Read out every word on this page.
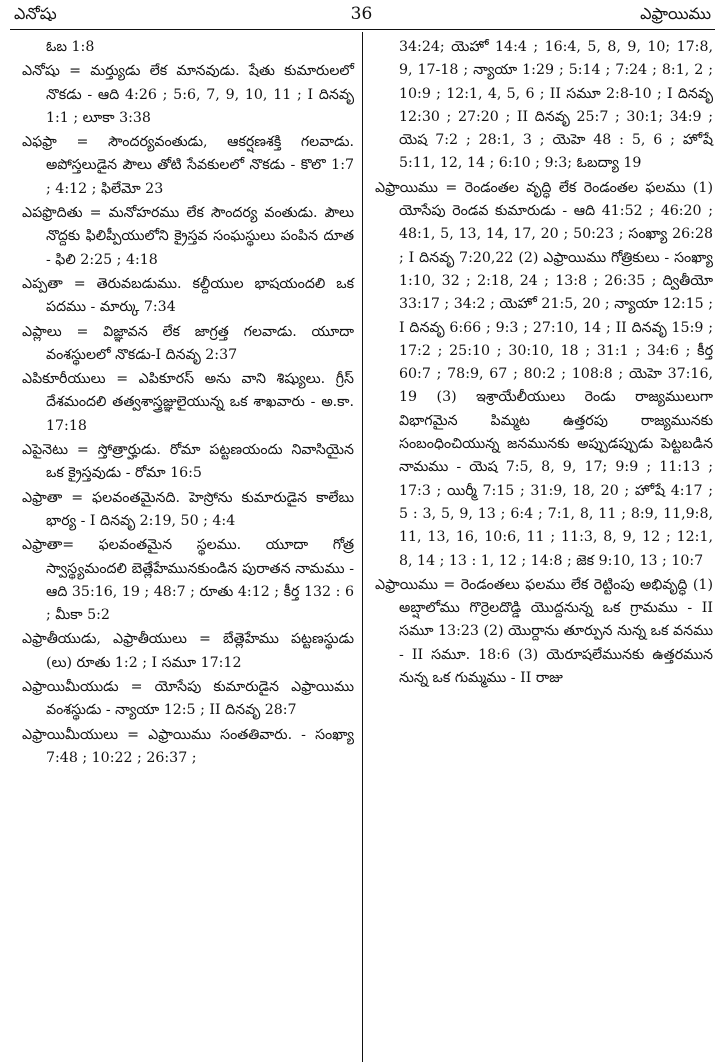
ఎనోషు	36	ఎఫ్రాయిము

ఓబ 1:8

ఎనోషు = మర్త్యుడు లేక మానవుడు. షేతు కుమారులలో నొకడు - ఆది 4:26 ; 5:6, 7, 9, 10, 11 ; I దినవృ 1:1 ; లూకా 3:38

ఎఫఫ్రా = సౌందర్యవంతుడు, ఆకర్షణశక్తి గలవాడు. అపోస్తలుడైన పౌలు తోటి సేవకులలో నొకడు - కొలొ 1:7 ; 4:12 ; ఫిలేమో 23

ఎపఫ్రొదితు = మనోహరము లేక సౌందర్య వంతుడు. పౌలు నొద్దకు ఫిలిప్పీయులోని క్రైస్తవ సంఘస్థులు పంపిన దూత - ఫిలి 2:25 ; 4:18

ఎప్పతా = తెరువబడుము. కల్దీయుల భాషయందలి ఒక పదము - మార్కు 7:34

ఎప్లాలు = విజ్ఞావన లేక జాగ్రత్త గలవాడు. యూదా వంశస్థులలో నొకడు-I దినవృ 2:37

ఎపికూరీయులు = ఎపికూరస్ అను వాని శిష్యులు. గ్రీస్ దేశమందలి తత్వశాస్త్రజ్ఞులైయున్న ఒక శాఖవారు - అ.కా. 17:18

ఎపైనెటు = స్తోత్రార్హుడు. రోమా పట్టణయందు నివాసియైన ఒక క్రైస్తవుడు - రోమా 16:5

ఎఫ్రాతా = ఫలవంతమైనది. హెస్రోను కుమారుడైన కాలేబు భార్య - I దినవృ 2:19, 50 ; 4:4

ఎఫ్రాతా= ఫలవంతమైన స్థలము. యూదా గోత్ర స్వాస్థ్యమందలి బెత్లేహేమునకుండిన పురాతన నామము - ఆది 35:16, 19 ; 48:7 ; రూతు 4:12 ; కీర్త 132 : 6 ; మీకా 5:2

ఎఫ్రాతీయుడు, ఎఫ్రాతీయులు = బేత్లెహేము పట్టణస్థుడు (లు) రూతు 1:2 ; I సమూ 17:12

ఎఫ్రాయిమీయుడు = యోసేపు కుమారుడైన ఎఫ్రాయిము వంశస్థుడు - న్యాయా 12:5 ; II దినవృ 28:7

ఎఫ్రాయిమీయులు = ఎఫ్రాయిము సంతతివారు. - సంఖ్యా 7:48 ; 10:22 ; 26:37 ;

34:24; యెహో 14:4 ; 16:4, 5, 8, 9, 10; 17:8, 9, 17-18 ; న్యాయా 1:29 ; 5:14 ; 7:24 ; 8:1, 2 ; 10:9 ; 12:1, 4, 5, 6 ; II సమూ 2:8-10 ; I దినవృ 12:30 ; 27:20 ; II దినవృ 25:7 ; 30:1; 34:9 ; యెష 7:2 ; 28:1, 3 ; యెహె 48 : 5, 6 ; హోషే 5:11, 12, 14 ; 6:10 ; 9:3; ఓబద్యా 19

ఎఫ్రాయిము = రెండంతల వృద్ధి లేక రెండంతల ఫలము (1) యోసేపు రెండవ కుమారుడు - ఆది 41:52 ; 46:20 ; 48:1, 5, 13, 14, 17, 20 ; 50:23 ; సంఖ్యా 26:28 ; I దినవృ 7:20,22 (2) ఎఫ్రాయిము గోత్రికులు - సంఖ్యా 1:10, 32 ; 2:18, 24 ; 13:8 ; 26:35 ; ద్వితీయో 33:17 ; 34:2 ; యెహో 21:5, 20 ; న్యాయా 12:15 ; I దినవృ 6:66 ; 9:3 ; 27:10, 14 ; II దినవృ 15:9 ; 17:2 ; 25:10 ; 30:10, 18 ; 31:1 ; 34:6 ; కీర్త 60:7 ; 78:9, 67 ; 80:2 ; 108:8 ; యెహె 37:16, 19 (3) ఇశ్రాయేలీయులు రెండు రాజ్యములుగా విభాగమైన పిమ్మట ఉత్తరపు రాజ్యమునకు సంబంధించియున్న జనమునకు అప్పుడప్పుడు పెట్టబడిన నామము - యెష 7:5, 8, 9, 17; 9:9 ; 11:13 ; 17:3 ; యిర్మీ 7:15 ; 31:9, 18, 20 ; హోషే 4:17 ; 5 : 3, 5, 9, 13 ; 6:4 ; 7:1, 8, 11 ; 8:9, 11,9:8, 11, 13, 16, 10:6, 11 ; 11:3, 8, 9, 12 ; 12:1, 8, 14 ; 13 : 1, 12 ; 14:8 ; జెక 9:10, 13 ; 10:7

ఎఫ్రాయిము = రెండంతలు ఫలము లేక రెట్టింపు అభివృద్ధి (1) అబ్షాలోము గొర్రెలదొడ్డి యొద్దనున్న ఒక గ్రామము - II సమూ 13:23 (2) యొర్దాను తూర్పున నున్న ఒక వనము - II సమూ. 18:6 (3) యెరూషలేమునకు ఉత్తరమున నున్న ఒక గుమ్మము - II రాజు
